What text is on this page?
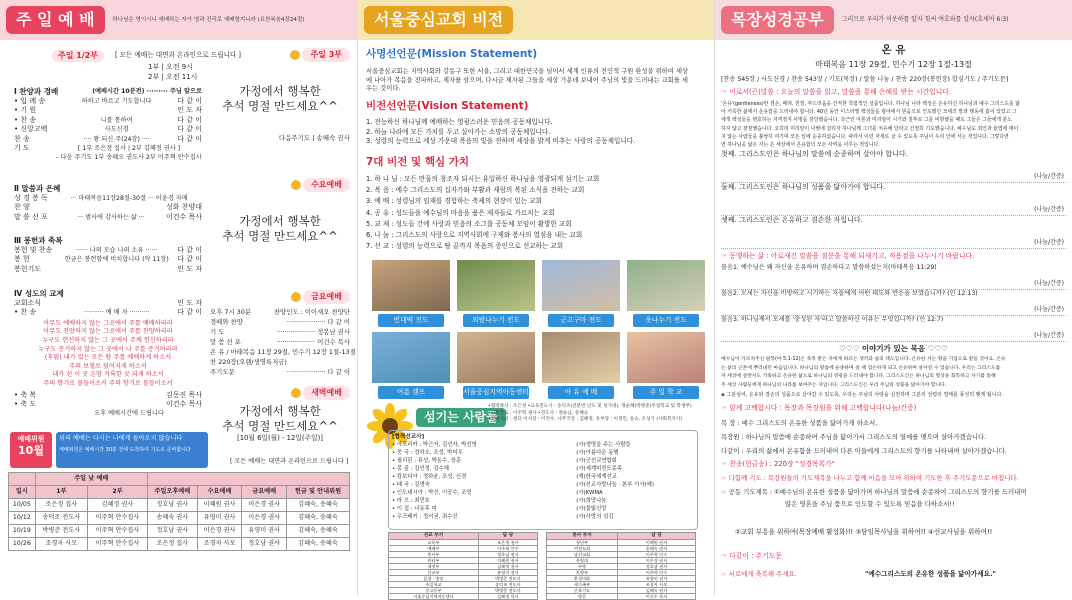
주 일 예 배	하나님은 영이시니 예배하는 자가 영과 진리로 예배할지니라 (요한복음4장24절)
주일 1/2부	[ 모든 예배는 대면과 온라인으로 드립니다 ]
1부 | 오전 9시
2부 | 오전 11시
Ⅰ 찬양과 경배	(예배시간 10분전) ········· 주님 앞으로
• 입 례 송	하하고 바르고 기도합니다	다 같 이
• 기 원	인 도 자
• 찬 송	니를 통하여	다 같 이
• 신앙고백	사도신경	다 같 이
찬 송	···· 왕 되신 주(24장) ····	다 같 이
기 도	[ 1부 조은정 집사 | 2부 김혜정 권사 ]
- 다음 주기도 1부 송혜오 권도사 2부 이주혁 안수집사
Ⅱ 말씀과 은혜
성 경 봉 독	··· 마태복음11장28절-30절 ··· 이윤경 자매
찬 양	성화 찬양대
말 씀 선 포	··· 범사에 감사하는 삶 ···	이건수 목사
Ⅲ 봉헌과 축복
봉헌 및 찬송	······ 나의 모습 나의 소유 ······	다 같 이
봉 헌	헌금은 봉헌함에 비치합니다 (약 11장)	다 같 이
봉헌기도	인 도 자
Ⅳ 성도의 교제
교회소식	인 도 자
• 찬 송	·········· 예 배 자 ··········	다 같 이
아무도 예배하지 않는 그곳에서 주를 예배하리라
아무도 찬양하지 않는 그곳에서 주를 찬양하리라
누구도 헌신하지 않는 그 곳에서 주께 헌신하리라
누구도 증거하지 않는 그 곳에서 나 주를 증거하리라
(후렴) 내가 있는 모든 땅 주를 예배하게 하소서
주의 보혈로 덮어지게 하소서
내가 선 이 곳 온맘 거룩한 곳 되게 하소서
주의 향기로 물들이소서 주의 향기로 물들이소서
• 축 복	김동진 목사
• 축 도	이건수 목사
오후 예배시간에 드립니다
주일 3부
가정에서 행복한
추석 명절 만드세요^^
다음주기도 | 송혜숙 권사
수요예배
가정에서 행복한
추석 명절 만드세요^^
금요예배
오후 7시 30분	찬양인도 : 이이새오 찬양단
경배와 찬양	··················· 다 같 이
기 도	··················· 정봉남 권사
말 씀 선 포	··················· 이건수 목사
온 유 / 마태복음 11장 29절, 민수기 12장 1절-13절
찬 220장(오랜/생명록지금)
주기도문	··················· 다 같 이
새벽예배
가정에서 행복한
추석 명절 만드세요^^
[10월 6일(월) - 12일(주일)]
예배위원
10월
위의 예배는 다시는 나에게 돌아오지 않습니다
예배위원은 예배시작 30분 전에 도착하여 기도로 준비합니다
[ 모든 예배는 대면과 온라인으로 드립니다 ]
	주일 낮 예배					
일시	1부	2부	주일오후예배	수요예배	금요예배	헌금 및 안내위원
10/05	조은정 집사	김혜정 권사	정호남 권사	이혜원 권사	이은경 권사	김혜숙, 송혜숙
10/12	송덕조 전도사	이주혁 안수집사	송혜숙 권사	유영미 권사	이은경 권사	김혜숙, 송혜숙
10/19	박병준 전도사	이주혁 안수집사	정호남 권사	이은경 권사	유영미 권사	김혜숙, 송혜숙
10/26	조경자 사모	이주혁 안수집사	조은정 집사	조경자 사모	정호남 권사	김혜숙, 송혜숙
서울중심교회 비전
사명선언문(Mission Statement)
서울중심교회는 지역사회와 강동구 또한 서울, 그리고 대한민국을 넘어서 세계 인류의 전인적 구원 완성을 위하여 세상
에 나아가 복음을 전파하고, 제자를 삼으며, 다시금 제자된 그들을 세상 가운데 보내어 주님의 빛을 드러내는 교회를 세
우는 것이다.
비전선언문(Vision Statement)
1. 전능하신 하나님께 예배하는 영광스러운 믿음의 공동체입니다.
2. 하늘 나라에 모든 가치를 두고 살아가는 소망의 공동체입니다.
3. 성령의 능력으로 세상 가운데 복음의 빛을 전하며 세상을 밝게 비추는 사랑의 공동체입니다.
7대 비전 및 핵심 가치
1. 하 나 님 : 모든 만물의 창조자 되시는 유일하신 하나님을 영광되게 섬기는 교회
2. 복 음 : 예수 그리스도의 십자가와 부활과 재림의 복된 소식을 전하는 교회
3. 예 배 : 성령님의 임재를 경험하는 축제의 현장이 있는 교회
4. 공 유 : 성도들을 예수님의 마음을 품은 제자들로 가르치는 교회
5. 교 제 : 성도들 간에 사랑과 믿음의 소그룹 공동체 모임이 활발한 교회
6. 나 눔 : 그리스도의 사랑으로 지역사회에 구제와 봉사의 열심을 내는 교회
7. 선 교 : 성령의 능력으로 땅 끝까지 복음의 증인으로 선교하는 교회
빈대떡 전도	외팔나누기 전도	군고구마 전도	옷나누기 전도
여름 캠프	서울중심지역아동센터	아 유 예 배	주 일 학 교
섬기는 사람들
•협력목사 : 조은성 •교육전도사 : 송덕조(전분반 단도 및 성가대), 정순혜(박병준(주일학교 및 학생부)
•시무장로 : 이주혁 권사 •전도사 : 정순남, 송혜숙
•지역시설 : 센터 이사장 : 이건수, 사무국장 : 김혜정, 유부장 : 이정민, 송숙, 조성기 (사회복지사)
[협력선교사]
• 아프리카 : 박근자, 김선자, 박선영
• 중 국 : 정하오, 조성, 박미우
• 필리핀 : 류성, 박동수, 장훈
• 몽 골 : 김인정, 김수혜
• 캄보디아 : 정하윤, 조성, 신경
• 태 국 : 김명숙
• 인도네시아 : 박선, 이공수, 조영
• 라 오 : 최민호
• 이 집 : 나동후 미
• 우즈베키 : 정서권, 최수진
(사)생명을 주는 사람들
(사)아름다운 동행
(사)군선교연합회
(사)세계미전도종족
(재)한국세계선교
(사)선교사랑나눔 · 본부 이사(예)
(사)KWMA
(사)희망나눔
(사)물빛신앙
(사)사랑의 섬김
선교 부서	담 당
교육부	조은정 권사
예배부	이주혁 안수
봉사부	정호남 권사
관리부	이혜원 권사
재정부	김혜정 권사
선교부	유영미 권사
음향 · 방송	박병준 전도사
주일학교	송덕조 전도사
중고등부	박병준 전도사
서울중심지역아동센터	김혜정 목사
봉사 부서	담 당
청년부	이혜원 권사
여전도회	송혜숙 권사
남선교회	이주혁 안수
찬양대	이은경 권사
주방	정호남 권사
차량부	이주혁 안수
환경미화	유영미 권사
새가족부	조경자 사모
중보기도	김혜숙 권사
방문	이건수 목사
목장성경공부	그러므로 우리가 이웃하를 알자 힘써 여호와를 알자(호세아 6:3)
온 유
마태복음 11장 29절, 민수기 12장 1절-13절
[찬송 545장 / 사도신경 / 찬송 543장 / 기도(목장) / 말씀 나눔 / 찬송 220장(봉헌장) 합심기도 / 주기도문]
☞ 이로서(끈)말씀 : 오늘의 말씀을 읽고, 말씀을 통해 은혜를 받는 시간입니다.
'온유'(gentleness)란 겸손, 배려, 친절, 부드러움을 간직한 착함적인 성품입니다. 하나님 나라 백성은 온유하신 하나님과 예수 그리스도를 닮
아 거룩한 삶에서 온유함을 드러내야 합니다. 40년 동안 이스라엘 백성들을 광야에서 믿음으로 인도했던 모세의 말과 행동에 흠이 있었고 그
에게 백성들을 변호하는 자격정지 사명을 감당했습니다. 측근인 아론과 미리암이 시기와 질투로 그를 비방했을 때도 그들은 그들에게 분노
하지 않고 잠잠했습니다. 오히려 미리암이 나병에 걸리자 하나님께 그녀를 치유해 달라고 간절히 기도했습니다. 예수님도 죄인과 율법에 매이
지 않는 사람들을 불쌍히 여기며 모든 일에 순종하셨습니다. 따라서 이런 자세로 살 수 있도록 주님이 우리 안에 서는 것입니다. 그렇다면
면 하나님을 닮은 자는 온 세상에서 온유함의 모든 사역을 이루는 것입니다.
첫째. 그리스도인은 하나님의 말씀에 순종하며 살아야 합니다.
(나눔/간증)
둘째. 그리스도인은 하나님의 성품을 닮아가야 합니다.
(나눔/간증)
셋째. 그리스도인은 온유하고 겸손한 자입니다.
(나눔/간증)
☞ 동행하는 삶 : 아로새긴 말씀을 점문을 통해 되새기고, 적용점을 나누시기 바랍니다.
물음1. 예수님은 왜 자신을 온유하며 겸손하다고 말씀하셨는지(마태복음 11:29)
(나눔/간증)
물음2. 모세는 자신을 비방하고 시기하는 자들에게 어떤 태도와 반응을 보였습니까? (민 12:13)
(나눔/간증)
물음3. 하나님께서 모세를 '충성된 자'라고 말씀하신 이유는 무엇입니까? (민 12:7)
(나눔/간증)
♡♡♡ 이야기가 있는 묵음 ♡♡♡
예수님이 가르쳐주신 팔복(마 5:1-12)은 축복 받은 자에게 따르는 생각과 삶의 태도입니다. 온유한 자는 땅을 기업으로 받을 것이요. 온유
는 삶의 근본에 뿌리내린 마음입니다. 하나님의 말씀에 순종하며 살 때 겸손하게 되고 온유하며 살아갈 수 있습니다. 우리는 그리스도를
자 세상에 살면서도 거룩하고 온유한 삶으로 하나님의 영광을 드러내야 합니다. 그리스도인은 하나님의 형상을 회복하고 자기를 통해
주 세상 사람들에게 하나님의 나라를 보여주는 자입니다. 그리스도인은 우리 주님의 성품을 닮아가야 합니다.
◈ 그분심어, 온유와 겸손의 성품으로 살아갈 수 있도록, 우리는 주님의 사랑을 실천하며 그분의 성령의 열매를 풍성히 맺게 됩니다.
☞ 함께 고백합시다 : 목장과 목장원을 위해 고백합니다(나눔/간증)
목 장 : 예수 그리스도의 온유한 성품을 닮아가게 하소서.
목장원 : 하나님의 말씀에 순종하며 주님을 닮아가서 그리스도의 열매를 맺으며 살아가겠습니다.
다같이 : 우리의 삶에서 온유함을 드러내어 다른 이들에게 그리스도의 향기를 나타내며 살아가겠습니다.
☞ 찬송(헌금송) : 220장 "성경목록가"
☞ 다함께 기도 : 목장원들의 기도제목을 나누고 함께 마음을 모아 위하여 기도한 후 주기도문으로 마칩니다.
☞ 공동 기도제목 : ①예수님의 온유한 성품을 닮아가며 하나님의 말씀에 순종하여 그리스도의 향기를 드러내며
많은 영혼을 주님 품으로 인도할 수 있도록 믿음을 다하소서!!
②교회 부흥을 위하여(목장예배 활성화)!! ③담임목사님을 위하여!! ④선교사님을 위하여!!
☞ 다같이 : 주기도문
☞ 서로에게 축복해 주세요.	"예수그리스도의 온유한 성품을 닮아가세요."
